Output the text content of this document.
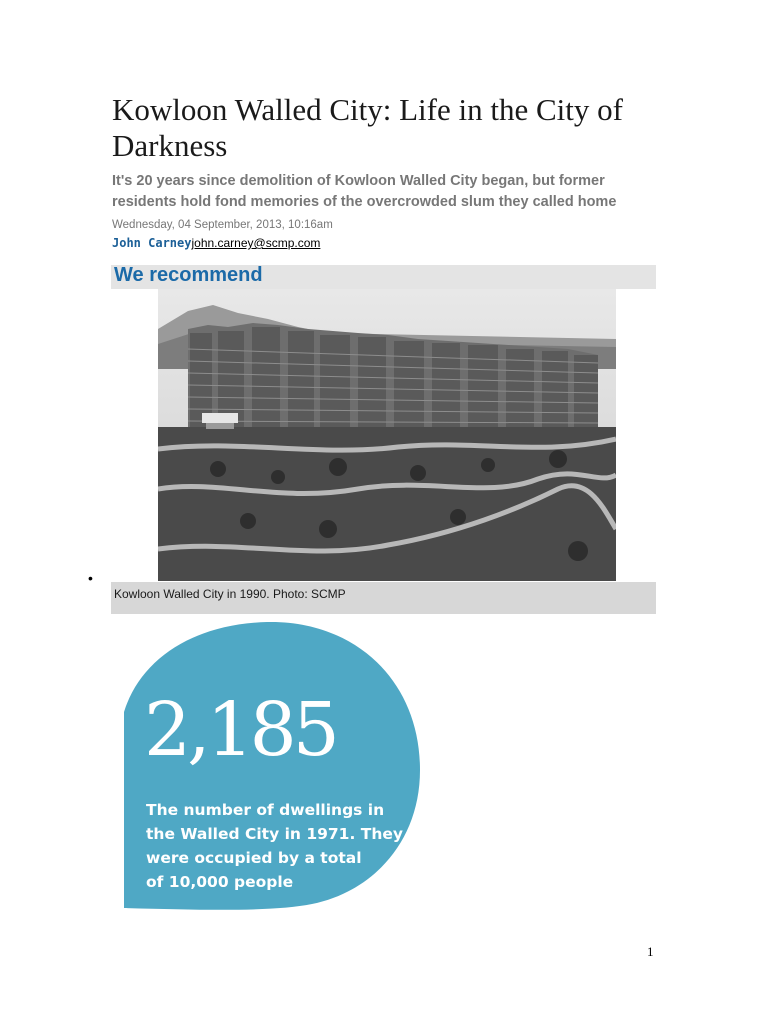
Kowloon Walled City: Life in the City of Darkness
It's 20 years since demolition of Kowloon Walled City began, but former residents hold fond memories of the overcrowded slum they called home
Wednesday, 04 September, 2013, 10:16am
John Carneyjohn.carney@scmp.com
We recommend
•
Kowloon Walled City in 1990. Photo: SCMP
2,185
The number of dwellings in
the Walled City in 1971. They
were occupied by a total
of 10,000 people
1
